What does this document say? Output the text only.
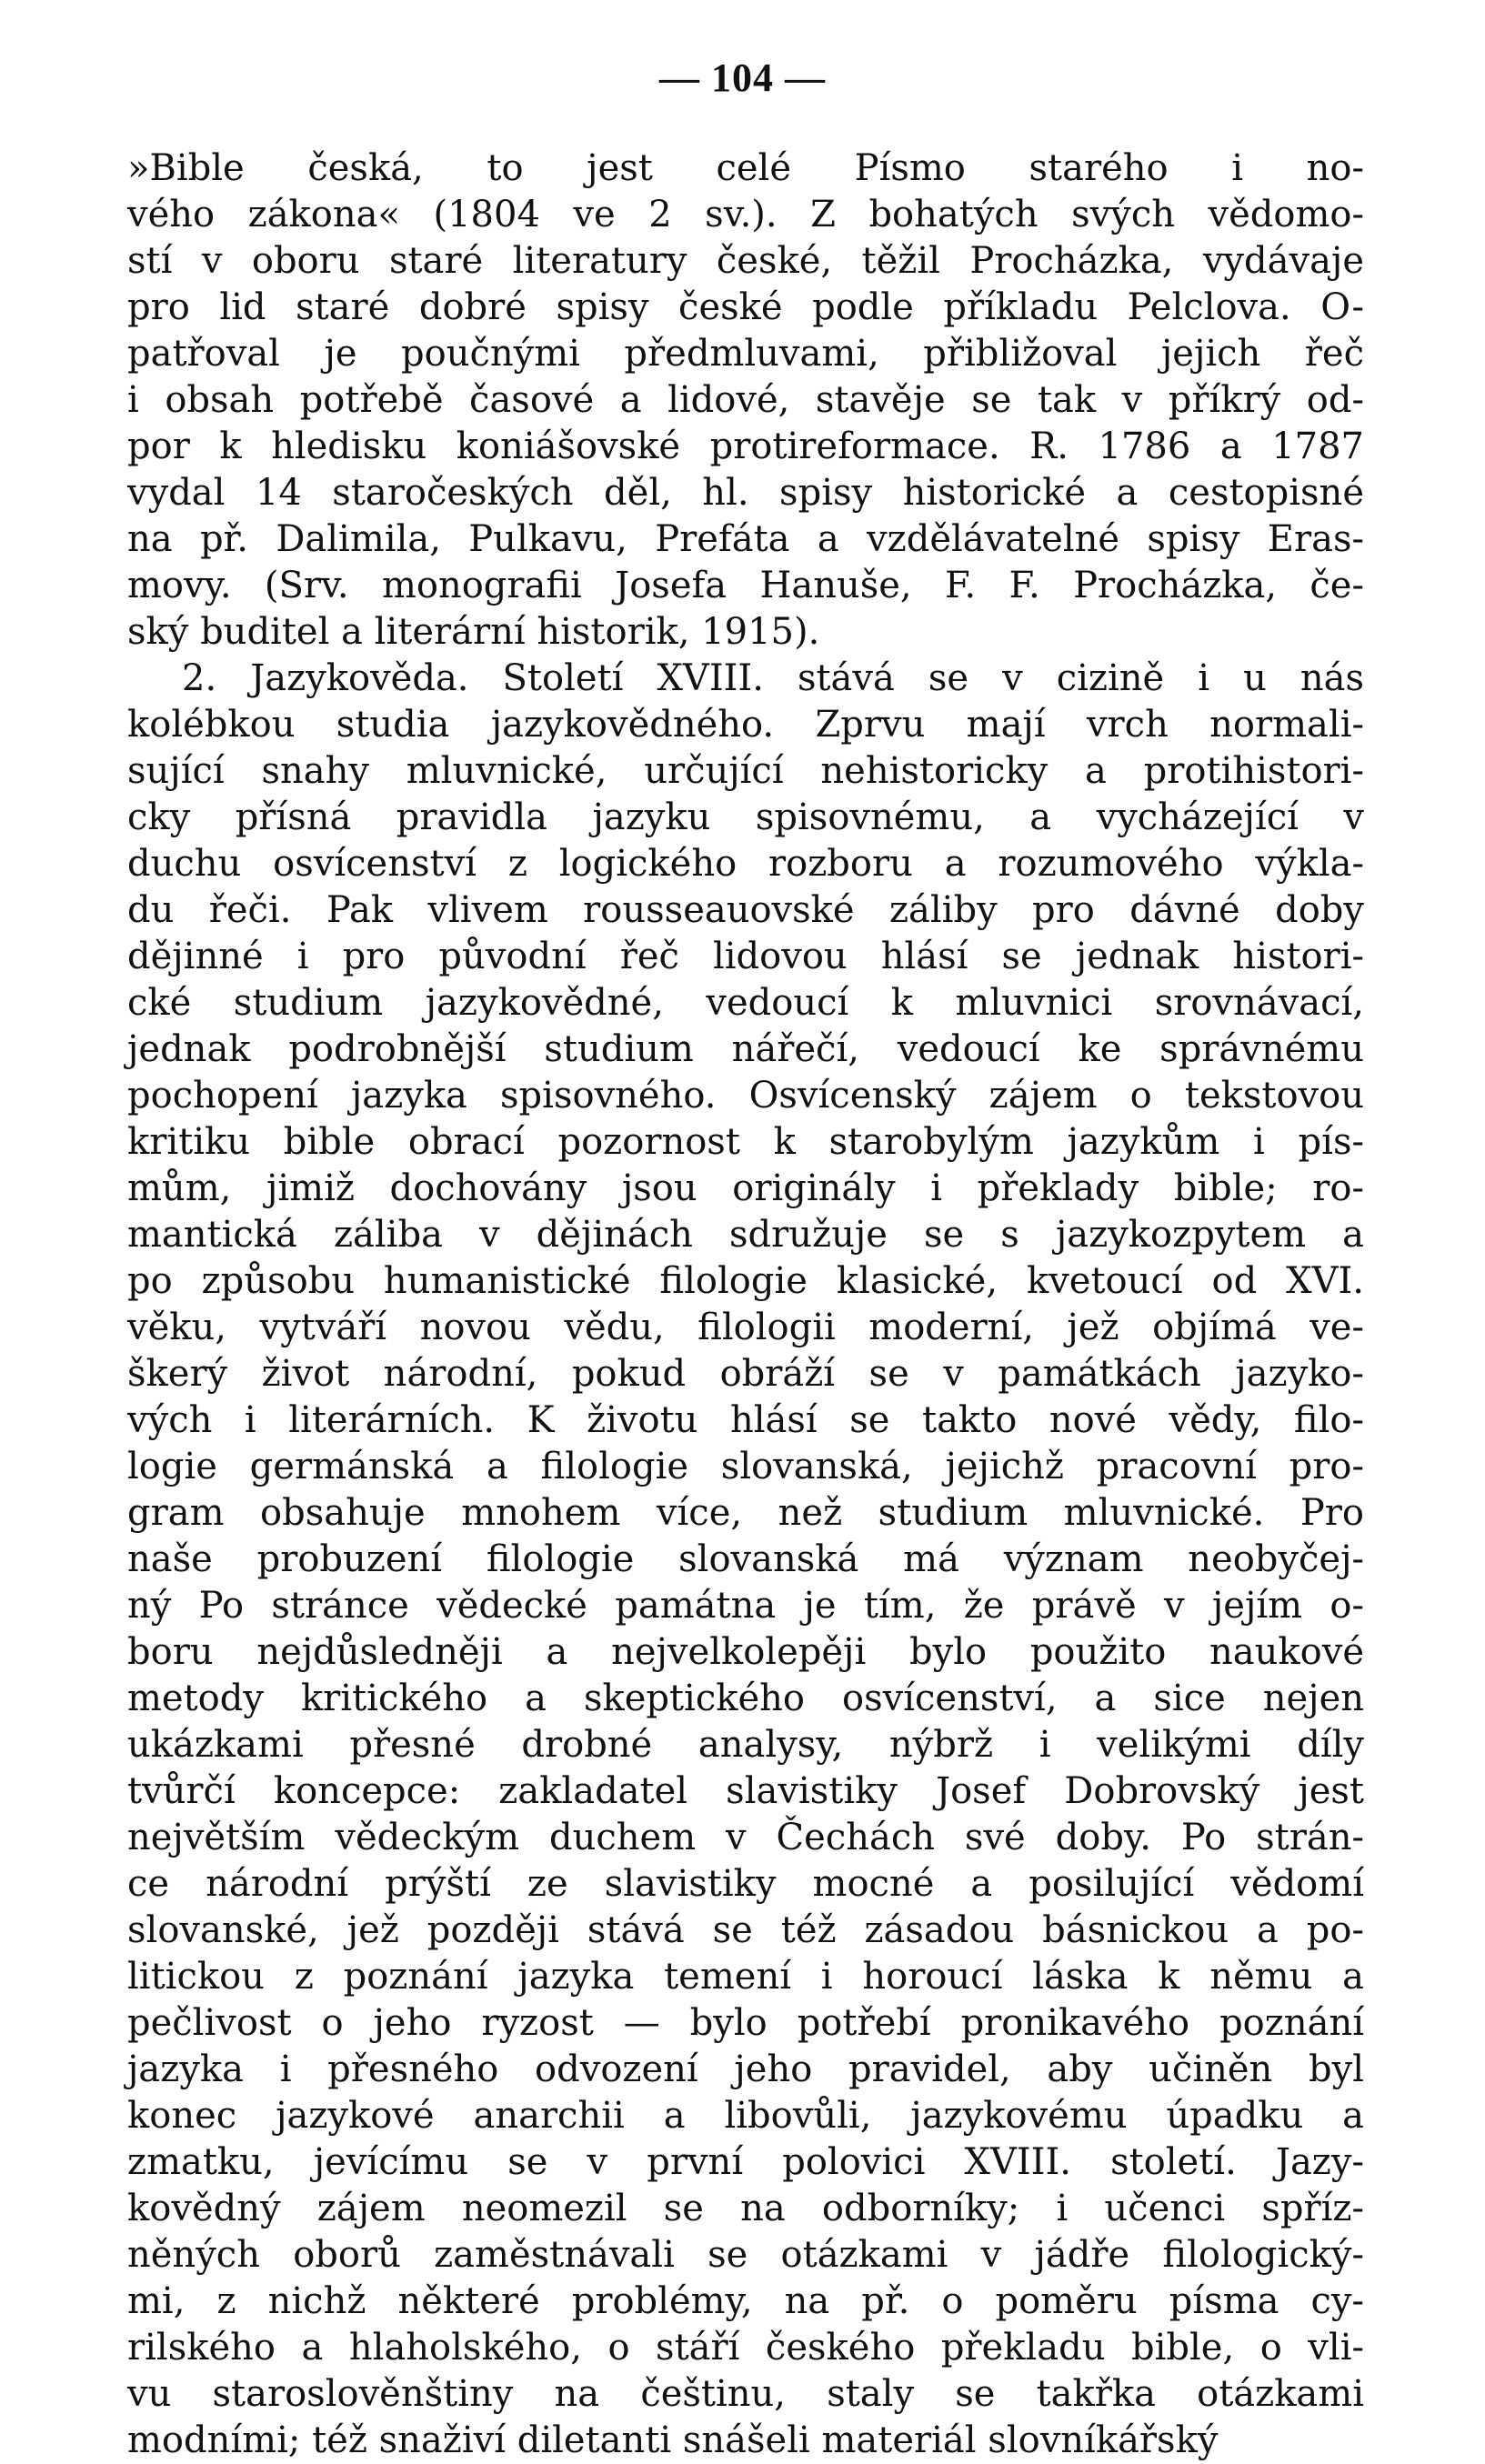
— 104 —
»Bible česká, to jest celé Písmo starého i no-
vého zákona« (1804 ve 2 sv.). Z bohatých svých vědomo-
stí v oboru staré literatury české, těžil Procházka, vydávaje
pro lid staré dobré spisy české podle příkladu Pelclova. O-
patřoval je poučnými předmluvami, přibližoval jejich řeč
i obsah potřebě časové a lidové, stavěje se tak v příkrý od-
por k hledisku koniášovské protireformace. R. 1786 a 1787
vydal 14 staročeských děl, hl. spisy historické a cestopisné
na př. Dalimila, Pulkavu, Prefáta a vzdělávatelné spisy Eras-
movy. (Srv. monografii Josefa Hanuše, F. F. Procházka, če-
ský buditel a literární historik, 1915).
2. Jazykověda. Století XVIII. stává se v cizině i u nás
kolébkou studia jazykovědného. Zprvu mají vrch normali-
sující snahy mluvnické, určující nehistoricky a protihistori-
cky přísná pravidla jazyku spisovnému, a vycházející v
duchu osvícenství z logického rozboru a rozumového výkla-
du řeči. Pak vlivem rousseauovské záliby pro dávné doby
dějinné i pro původní řeč lidovou hlásí se jednak histori-
cké studium jazykovědné, vedoucí k mluvnici srovnávací,
jednak podrobnější studium nářečí, vedoucí ke správnému
pochopení jazyka spisovného. Osvícenský zájem o tekstovou
kritiku bible obrací pozornost k starobylým jazykům i pís-
mům, jimiž dochovány jsou originály i překlady bible; ro-
mantická záliba v dějinách sdružuje se s jazykozpytem a
po způsobu humanistické filologie klasické, kvetoucí od XVI.
věku, vytváří novou vědu, filologii moderní, jež objímá ve-
škerý život národní, pokud obráží se v památkách jazyko-
vých i literárních. K životu hlásí se takto nové vědy, filo-
logie germánská a filologie slovanská, jejichž pracovní pro-
gram obsahuje mnohem více, než studium mluvnické. Pro
naše probuzení filologie slovanská má význam neobyčej-
ný Po stránce vědecké památna je tím, že právě v jejím o-
boru nejdůsledněji a nejvelkolepěji bylo použito naukové
metody kritického a skeptického osvícenství, a sice nejen
ukázkami přesné drobné analysy, nýbrž i velikými díly
tvůrčí koncepce: zakladatel slavistiky Josef Dobrovský jest
největším vědeckým duchem v Čechách své doby. Po strán-
ce národní prýští ze slavistiky mocné a posilující vědomí
slovanské, jež později stává se též zásadou básnickou a po-
litickou z poznání jazyka temení i horoucí láska k němu a
pečlivost o jeho ryzost — bylo potřebí pronikavého poznání
jazyka i přesného odvození jeho pravidel, aby učiněn byl
konec jazykové anarchii a libovůli, jazykovému úpadku a
zmatku, jevícímu se v první polovici XVIII. století. Jazy-
kovědný zájem neomezil se na odborníky; i učenci spříz-
něných oborů zaměstnávali se otázkami v jádře filologický-
mi, z nichž některé problémy, na př. o poměru písma cy-
rilského a hlaholského, o stáří českého překladu bible, o vli-
vu staroslověnštiny na češtinu, staly se takřka otázkami
modními; též snaživí diletanti snášeli materiál slovníkářský
